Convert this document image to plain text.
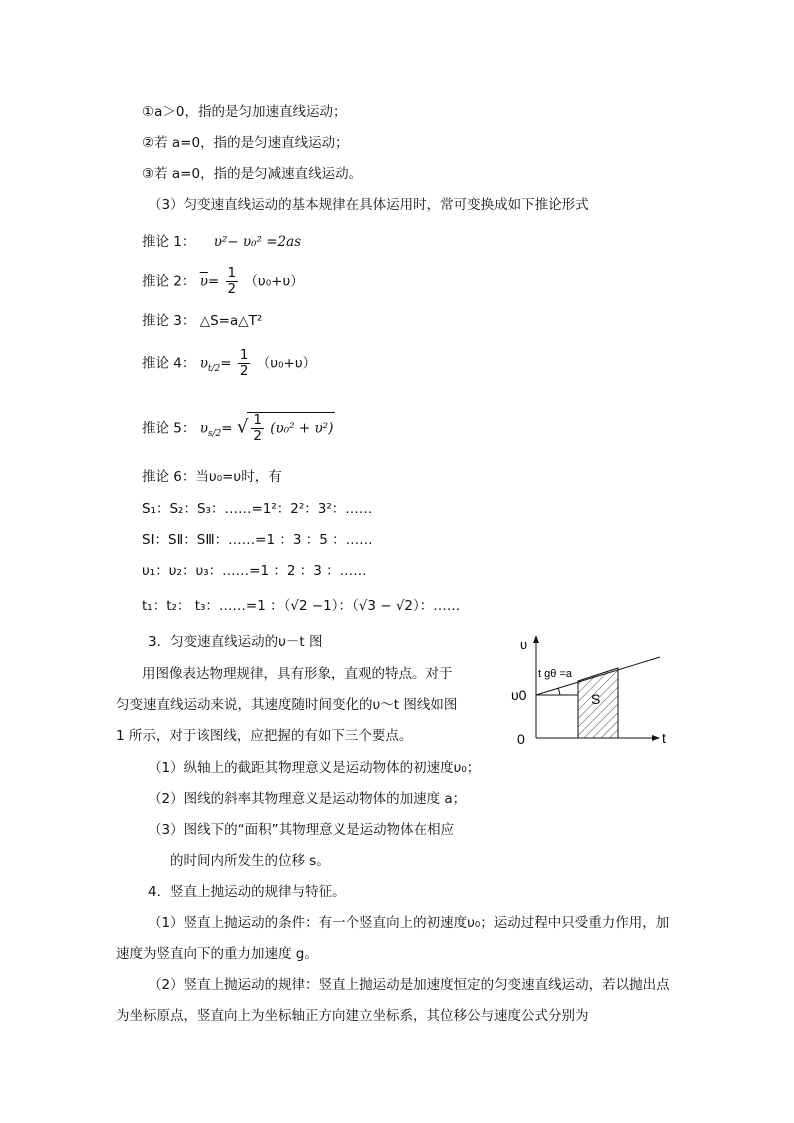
①a＞0，指的是匀加速直线运动；
②若 a=0，指的是匀速直线运动；
③若 a=0，指的是匀减速直线运动。
（3）匀变速直线运动的基本规律在具体运用时，常可变换成如下推论形式
推论 1： υ²− υ₀² =2as
推论 2： $\overline{\upsilon}= \frac{1}{2} (\upsilon_0+\upsilon)$
推论 3： △S=a△T²
推论 4： $\upsilon_{t/2}= \frac{1}{2} (\upsilon_0+\upsilon)$
推论 5： $\upsilon_{s/2}=$ √ $\frac{1}{2} (\upsilon_0^2 + \upsilon^2)$
推论 6：当υ₀=υ时，有
S₁：S₂：S₃：……=1²：2²：3²：……
SⅠ：SⅡ：SⅢ：……=1 ：3 ：5 ：……
υ₁：υ₂：υ₃：……=1 ：2 ：3 ：……
t₁：t₂： t₃：……=1 ：（√2 −1）：（√3 − √2）：……
3．匀变速直线运动的υ－t 图
用图像表达物理规律，具有形象，直观的特点。对于
匀变速直线运动来说，其速度随时间变化的υ～t 图线如图
1 所示，对于该图线，应把握的有如下三个要点。
（1）纵轴上的截距其物理意义是运动物体的初速度υ₀；
（2）图线的斜率其物理意义是运动物体的加速度 a；
（3）图线下的“面积”其物理意义是运动物体在相应
的时间内所发生的位移 s。
4．竖直上抛运动的规律与特征。
（1）竖直上抛运动的条件：有一个竖直向上的初速度υ₀；运动过程中只受重力作用，加
速度为竖直向下的重力加速度 g。
（2）竖直上抛运动的规律：竖直上抛运动是加速度恒定的匀变速直线运动，若以抛出点
为坐标原点，竖直向上为坐标轴正方向建立坐标系，其位移公与速度公式分别为
υ
t
υ0
0
t gθ =a
S
